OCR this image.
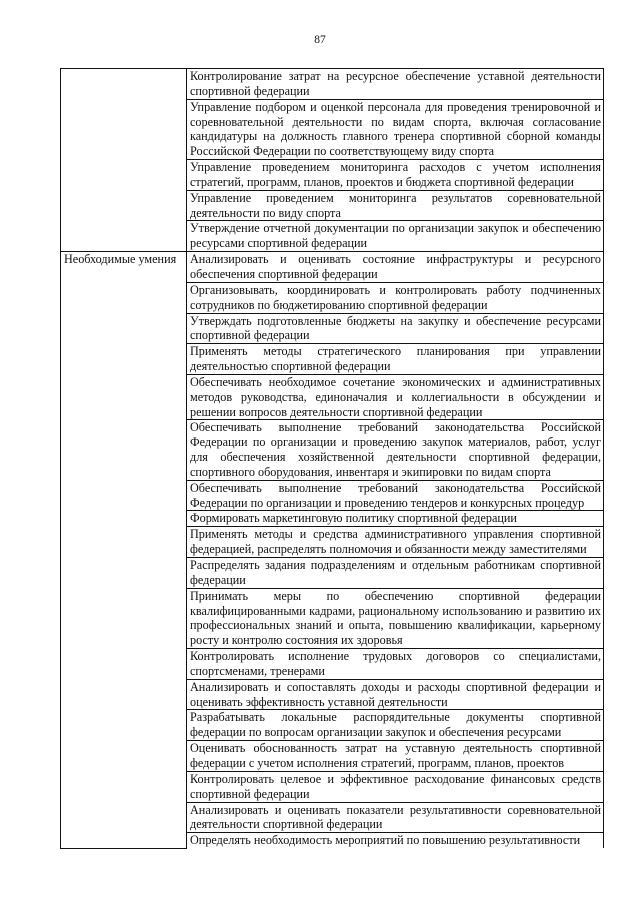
87
	Контролирование затрат на ресурсное обеспечение уставной деятельности спортивной федерации
	Управление подбором и оценкой персонала для проведения тренировочной и соревновательной деятельности по видам спорта, включая согласование кандидатуры на должность главного тренера спортивной сборной команды Российской Федерации по соответствующему виду спорта
	Управление проведением мониторинга расходов с учетом исполнения стратегий, программ, планов, проектов и бюджета спортивной федерации
	Управление проведением мониторинга результатов соревновательной деятельности по виду спорта
	Утверждение отчетной документации по организации закупок и обеспечению ресурсами спортивной федерации
Необходимые умения	Анализировать и оценивать состояние инфраструктуры и ресурсного обеспечения спортивной федерации
	Организовывать, координировать и контролировать работу подчиненных сотрудников по бюджетированию спортивной федерации
	Утверждать подготовленные бюджеты на закупку и обеспечение ресурсами спортивной федерации
	Применять методы стратегического планирования при управлении деятельностью спортивной федерации
	Обеспечивать необходимое сочетание экономических и административных методов руководства, единоначалия и коллегиальности в обсуждении и решении вопросов деятельности спортивной федерации
	Обеспечивать выполнение требований законодательства Российской Федерации по организации и проведению закупок материалов, работ, услуг для обеспечения хозяйственной деятельности спортивной федерации, спортивного оборудования, инвентаря и экипировки по видам спорта
	Обеспечивать выполнение требований законодательства Российской Федерации по организации и проведению тендеров и конкурсных процедур
	Формировать маркетинговую политику спортивной федерации
	Применять методы и средства административного управления спортивной федерацией, распределять полномочия и обязанности между заместителями
	Распределять задания подразделениям и отдельным работникам спортивной федерации
	Принимать меры по обеспечению спортивной федерации квалифицированными кадрами, рациональному использованию и развитию их профессиональных знаний и опыта, повышению квалификации, карьерному росту и контролю состояния их здоровья
	Контролировать исполнение трудовых договоров со специалистами, спортсменами, тренерами
	Анализировать и сопоставлять доходы и расходы спортивной федерации и оценивать эффективность уставной деятельности
	Разрабатывать локальные распорядительные документы спортивной федерации по вопросам организации закупок и обеспечения ресурсами
	Оценивать обоснованность затрат на уставную деятельность спортивной федерации с учетом исполнения стратегий, программ, планов, проектов
	Контролировать целевое и эффективное расходование финансовых средств спортивной федерации
	Анализировать и оценивать показатели результативности соревновательной деятельности спортивной федерации
	Определять необходимость мероприятий по повышению результативности
